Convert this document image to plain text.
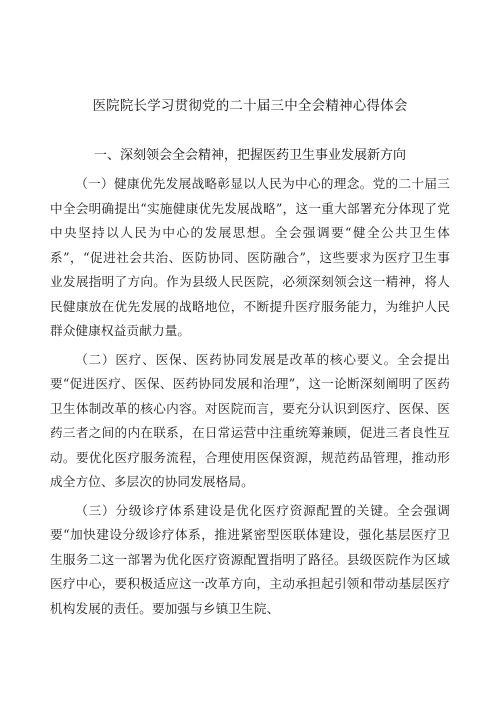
医院院长学习贯彻党的二十届三中全会精神心得体会
一、深刻领会全会精神，把握医药卫生事业发展新方向

（一）健康优先发展战略彰显以人民为中心的理念。党的二十届三中全会明确提出“实施健康优先发展战略”，这一重大部署充分体现了党中央坚持以人民为中心的发展思想。全会强调要“健全公共卫生体系”，“促进社会共治、医防协同、医防融合”，这些要求为医疗卫生事业发展指明了方向。作为县级人民医院，必须深刻领会这一精神，将人民健康放在优先发展的战略地位，不断提升医疗服务能力，为维护人民群众健康权益贡献力量。

（二）医疗、医保、医药协同发展是改革的核心要义。全会提出要“促进医疗、医保、医药协同发展和治理”，这一论断深刻阐明了医药卫生体制改革的核心内容。对医院而言，要充分认识到医疗、医保、医药三者之间的内在联系，在日常运营中注重统筹兼顾，促进三者良性互动。要优化医疗服务流程，合理使用医保资源，规范药品管理，推动形成全方位、多层次的协同发展格局。

（三）分级诊疗体系建设是优化医疗资源配置的关键。全会强调要“加快建设分级诊疗体系，推进紧密型医联体建设，强化基层医疗卫生服务二这一部署为优化医疗资源配置指明了路径。县级医院作为区域医疗中心，要积极适应这一改革方向，主动承担起引领和带动基层医疗机构发展的责任。要加强与乡镇卫生院、
